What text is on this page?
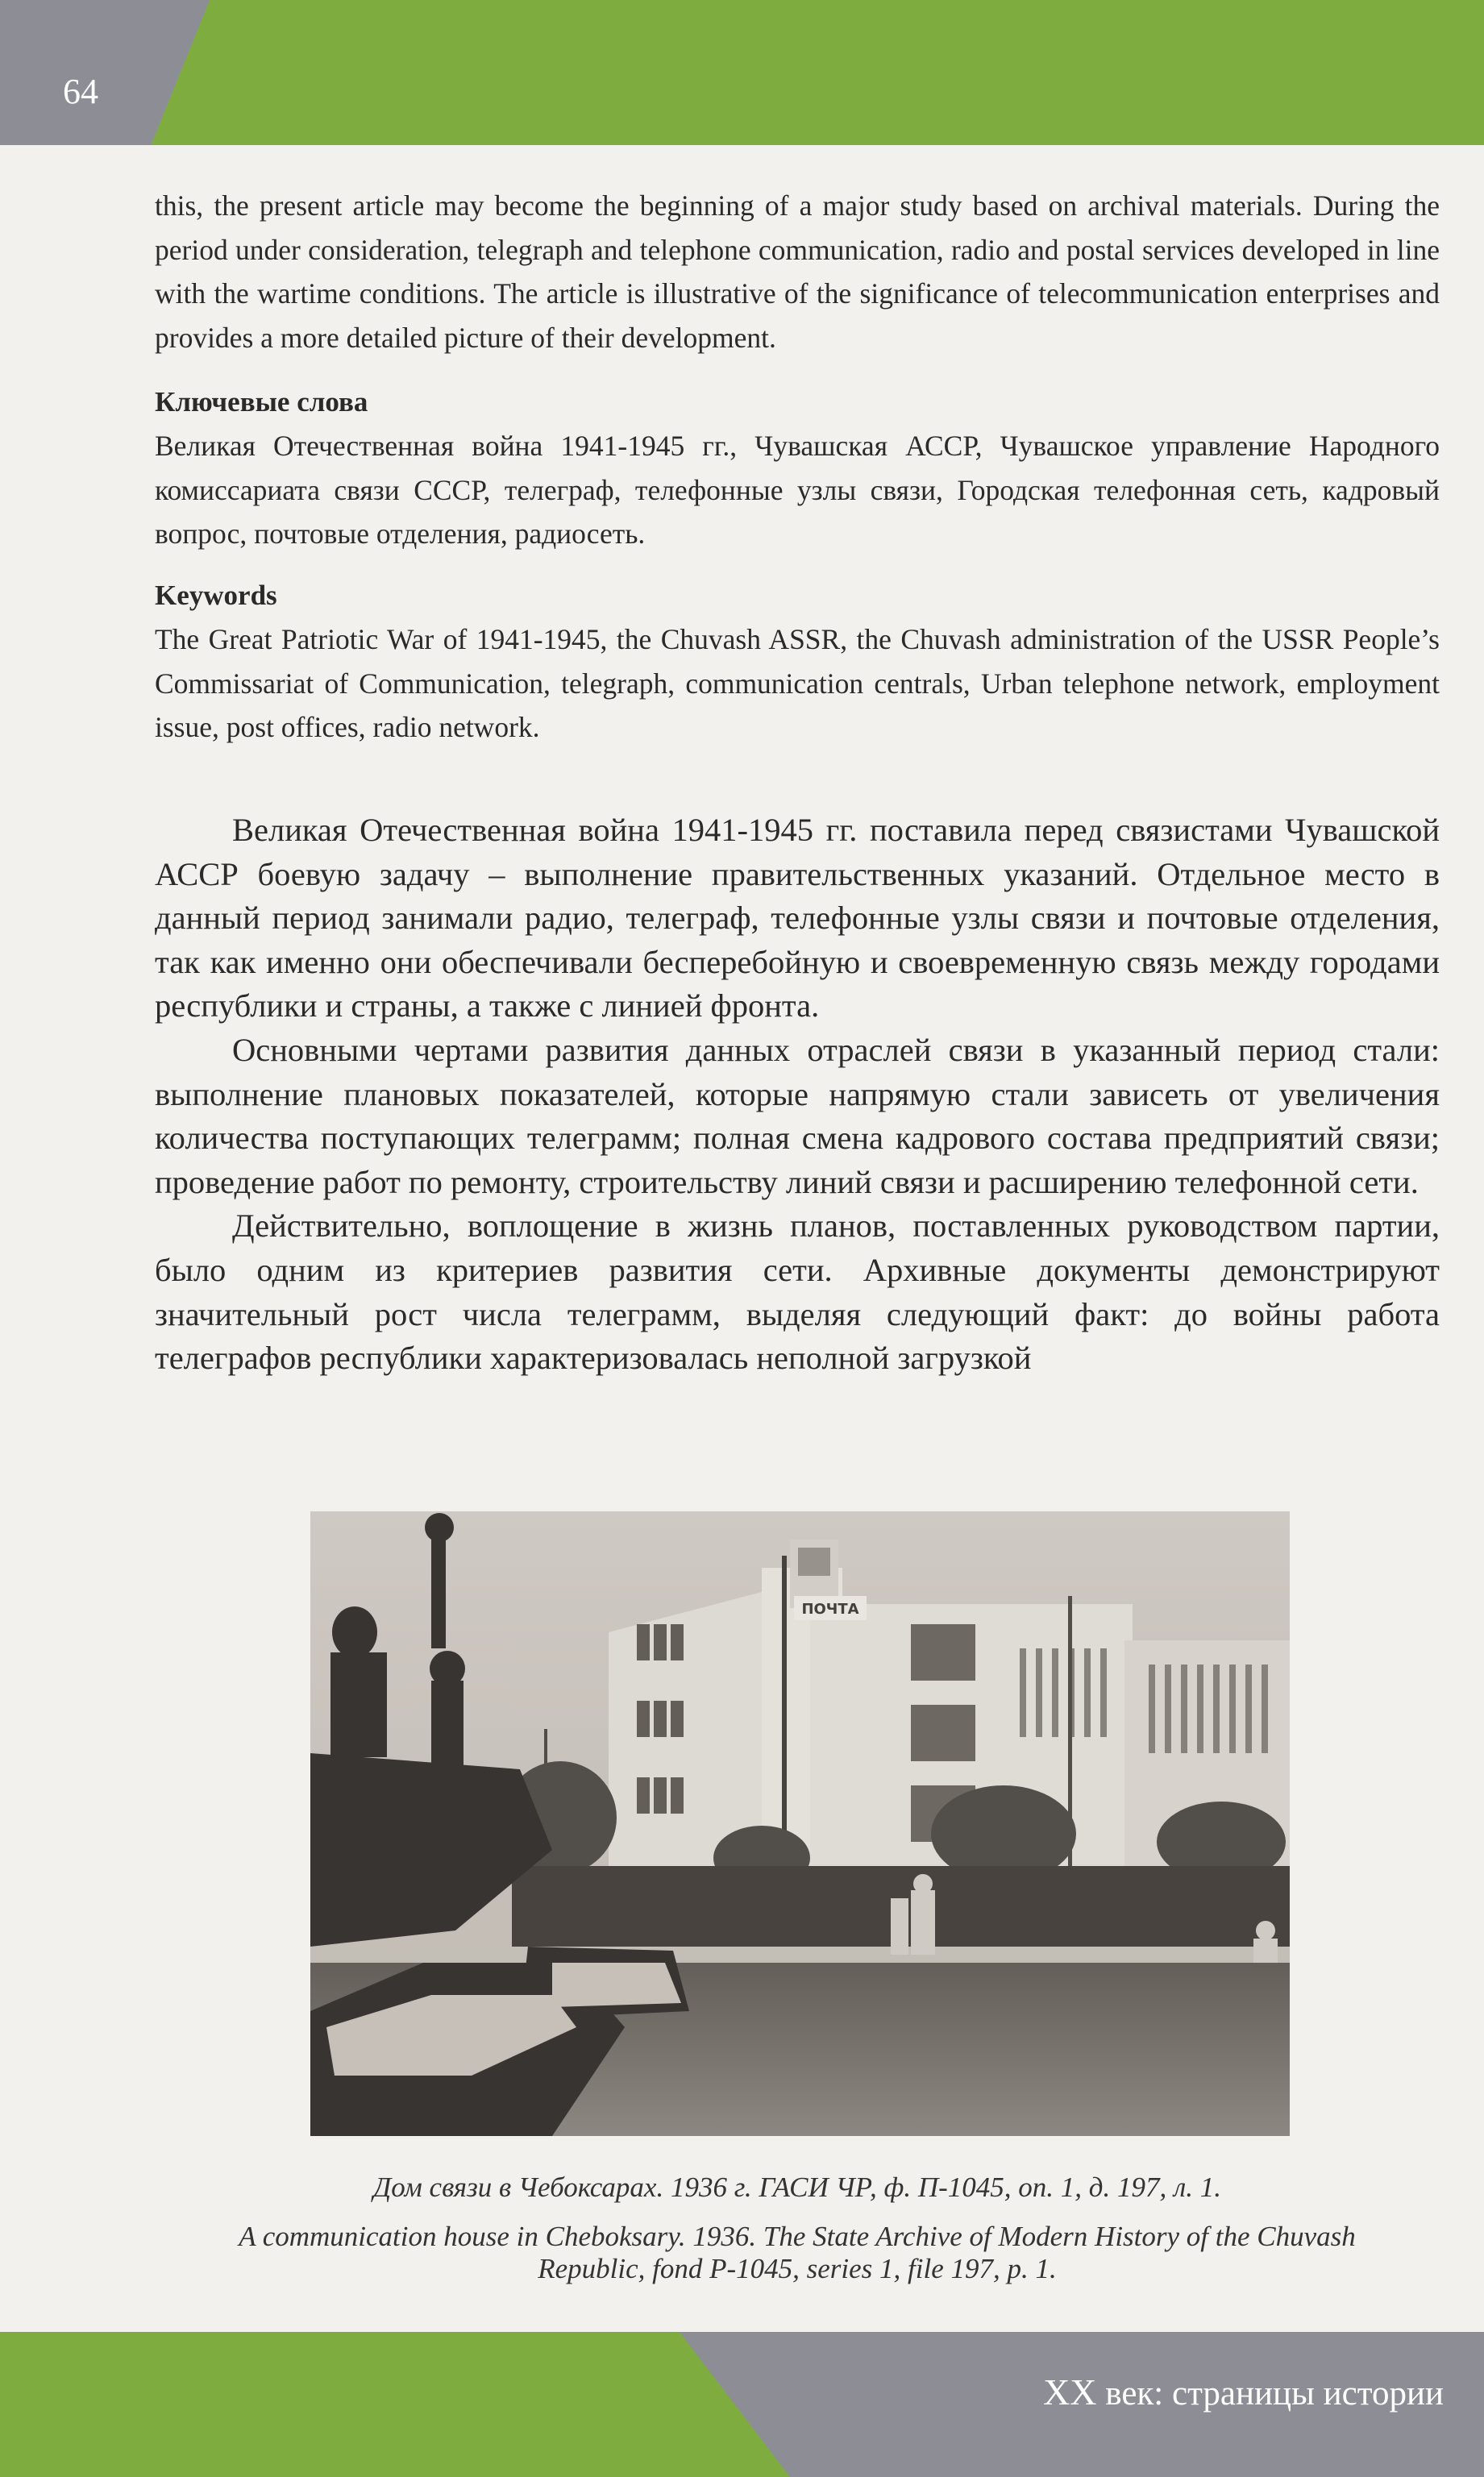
64
this, the present article may become the beginning of a major study based on archival materials. During the period under consideration, telegraph and telephone communication, radio and postal services developed in line with the wartime conditions. The article is illustrative of the significance of telecommunication enterprises and provides a more detailed picture of their development.
Ключевые слова
Великая Отечественная война 1941-1945 гг., Чувашская АССР, Чувашское управление Народного комиссариата связи СССР, телеграф, телефонные узлы связи, Городская телефонная сеть, кадровый вопрос, почтовые отделения, радиосеть.
Keywords
The Great Patriotic War of 1941-1945, the Chuvash ASSR, the Chuvash administration of the USSR People’s Commissariat of Communication, telegraph, communication centrals, Urban telephone network, employment issue, post offices, radio network.

Великая Отечественная война 1941-1945 гг. поставила перед связистами Чувашской АССР боевую задачу – выполнение правительственных указаний. Отдельное место в данный период занимали радио, телеграф, телефонные узлы связи и почтовые отделения, так как именно они обеспечивали бесперебойную и своевременную связь между городами республики и страны, а также с линией фронта.

Основными чертами развития данных отраслей связи в указанный период стали: выполнение плановых показателей, которые напрямую стали зависеть от увеличения количества поступающих телеграмм; полная смена кадрового состава предприятий связи; проведение работ по ремонту, строительству линий связи и расширению телефонной сети.

Действительно, воплощение в жизнь планов, поставленных руководством партии, было одним из критериев развития сети. Архивные документы демонстрируют значительный рост числа телеграмм, выделяя следующий факт: до войны работа телеграфов республики характеризовалась неполной загрузкой

ПОЧТА
Дом связи в Чебоксарах. 1936 г. ГАСИ ЧР, ф. П-1045, оп. 1, д. 197, л. 1.
A communication house in Cheboksary. 1936. The State Archive of Modern History of the Chuvash Republic, fond P-1045, series 1, file 197, p. 1.
XX век: страницы истории
